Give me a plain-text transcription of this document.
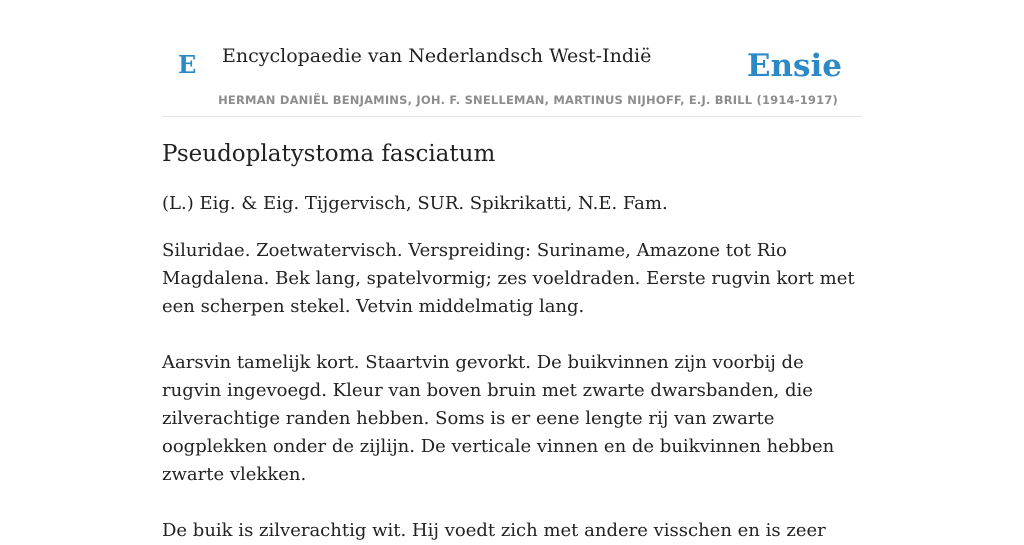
E Encyclopaedie van Nederlandsch West-Indië	Ensie
HERMAN DANIËL BENJAMINS, JOH. F. SNELLEMAN, MARTINUS NIJHOFF, E.J. BRILL (1914-1917)
Pseudoplatystoma fasciatum

(L.) Eig. & Eig. Tijgervisch, SUR. Spikrikatti, N.E. Fam.

Siluridae. Zoetwatervisch. Verspreiding: Suriname, Amazone tot Rio Magdalena. Bek lang, spatelvormig; zes voeldraden. Eerste rugvin kort met een scherpen stekel. Vetvin middelmatig lang.

Aarsvin tamelijk kort. Staartvin gevorkt. De buikvinnen zijn voorbij de rugvin ingevoegd. Kleur van boven bruin met zwarte dwarsbanden, die zilverachtige randen hebben. Soms is er eene lengte rij van zwarte oogplekken onder de zijlijn. De verticale vinnen en de buikvinnen hebben zwarte vlekken.

De buik is zilverachtig wit. Hij voedt zich met andere visschen en is zeer
